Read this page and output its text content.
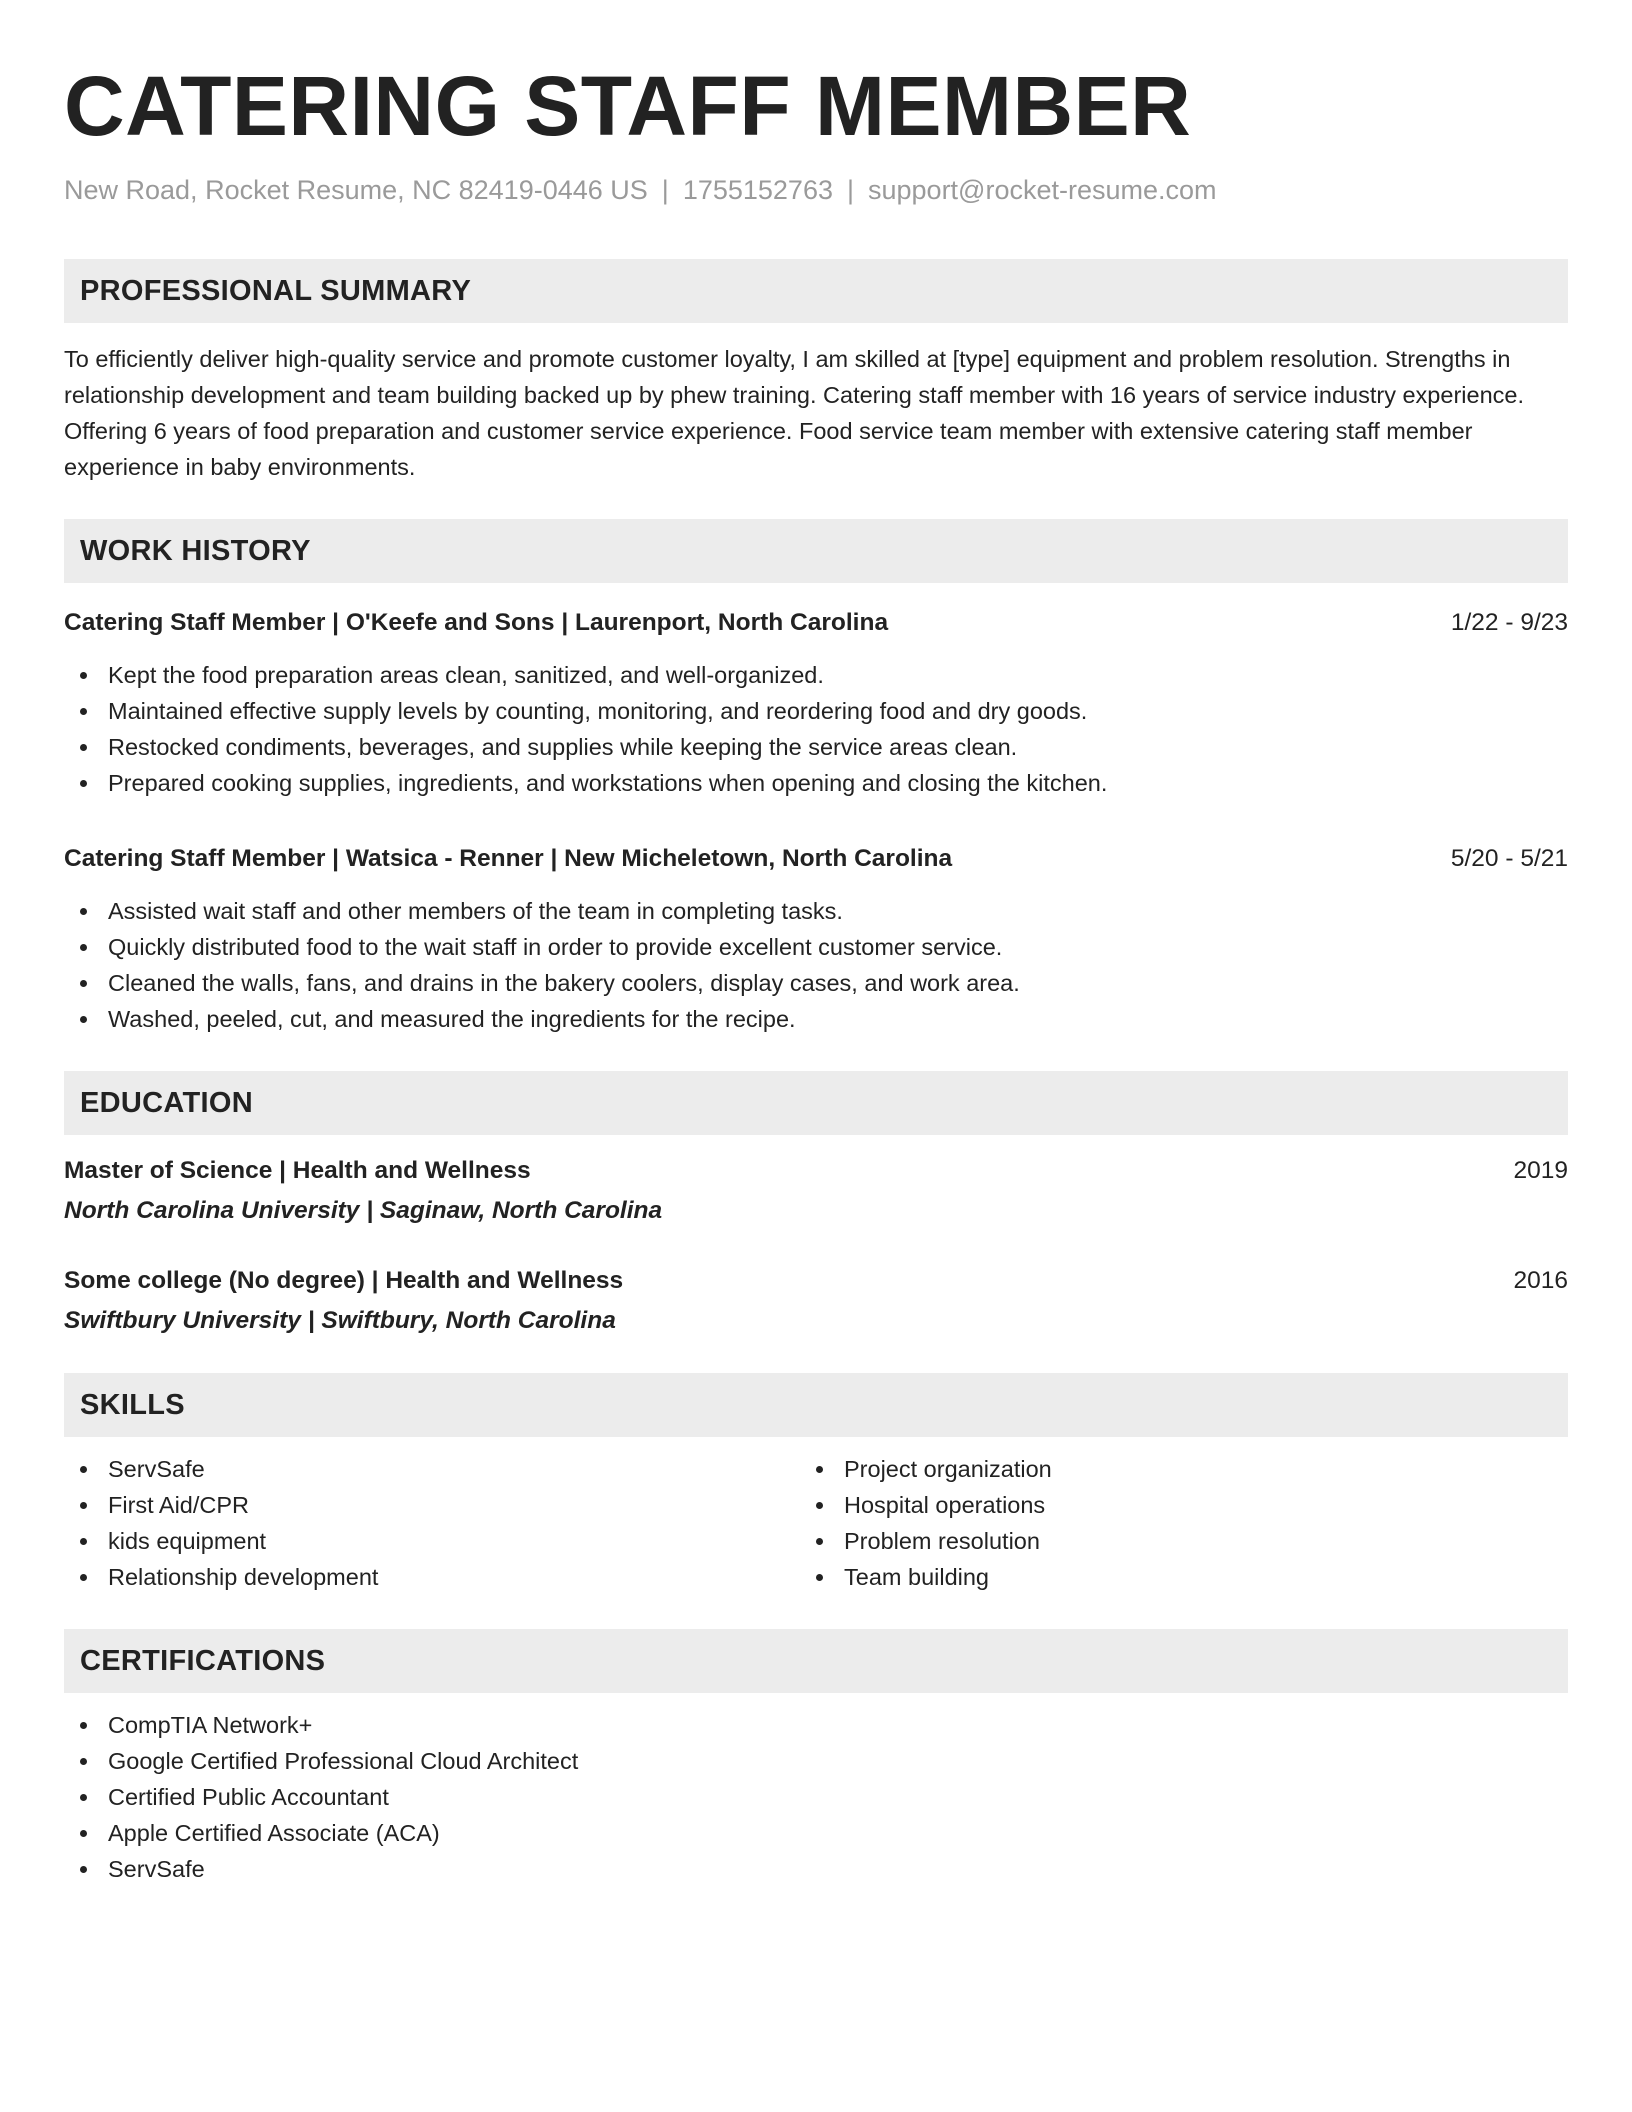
CATERING STAFF MEMBER
New Road, Rocket Resume, NC 82419-0446 US | 1755152763 | support@rocket-resume.com
PROFESSIONAL SUMMARY
To efficiently deliver high-quality service and promote customer loyalty, I am skilled at [type] equipment and problem resolution. Strengths in relationship development and team building backed up by phew training. Catering staff member with 16 years of service industry experience. Offering 6 years of food preparation and customer service experience. Food service team member with extensive catering staff member experience in baby environments.
WORK HISTORY
Catering Staff Member | O'Keefe and Sons | Laurenport, North Carolina	1/22 - 9/23
Kept the food preparation areas clean, sanitized, and well-organized.
Maintained effective supply levels by counting, monitoring, and reordering food and dry goods.
Restocked condiments, beverages, and supplies while keeping the service areas clean.
Prepared cooking supplies, ingredients, and workstations when opening and closing the kitchen.
Catering Staff Member | Watsica - Renner | New Micheletown, North Carolina	5/20 - 5/21
Assisted wait staff and other members of the team in completing tasks.
Quickly distributed food to the wait staff in order to provide excellent customer service.
Cleaned the walls, fans, and drains in the bakery coolers, display cases, and work area.
Washed, peeled, cut, and measured the ingredients for the recipe.
EDUCATION
Master of Science | Health and Wellness	2019
North Carolina University | Saginaw, North Carolina
Some college (No degree) | Health and Wellness	2016
Swiftbury University | Swiftbury, North Carolina
SKILLS
ServSafe
First Aid/CPR
kids equipment
Relationship development
Project organization
Hospital operations
Problem resolution
Team building
CERTIFICATIONS
CompTIA Network+
Google Certified Professional Cloud Architect
Certified Public Accountant
Apple Certified Associate (ACA)
ServSafe
